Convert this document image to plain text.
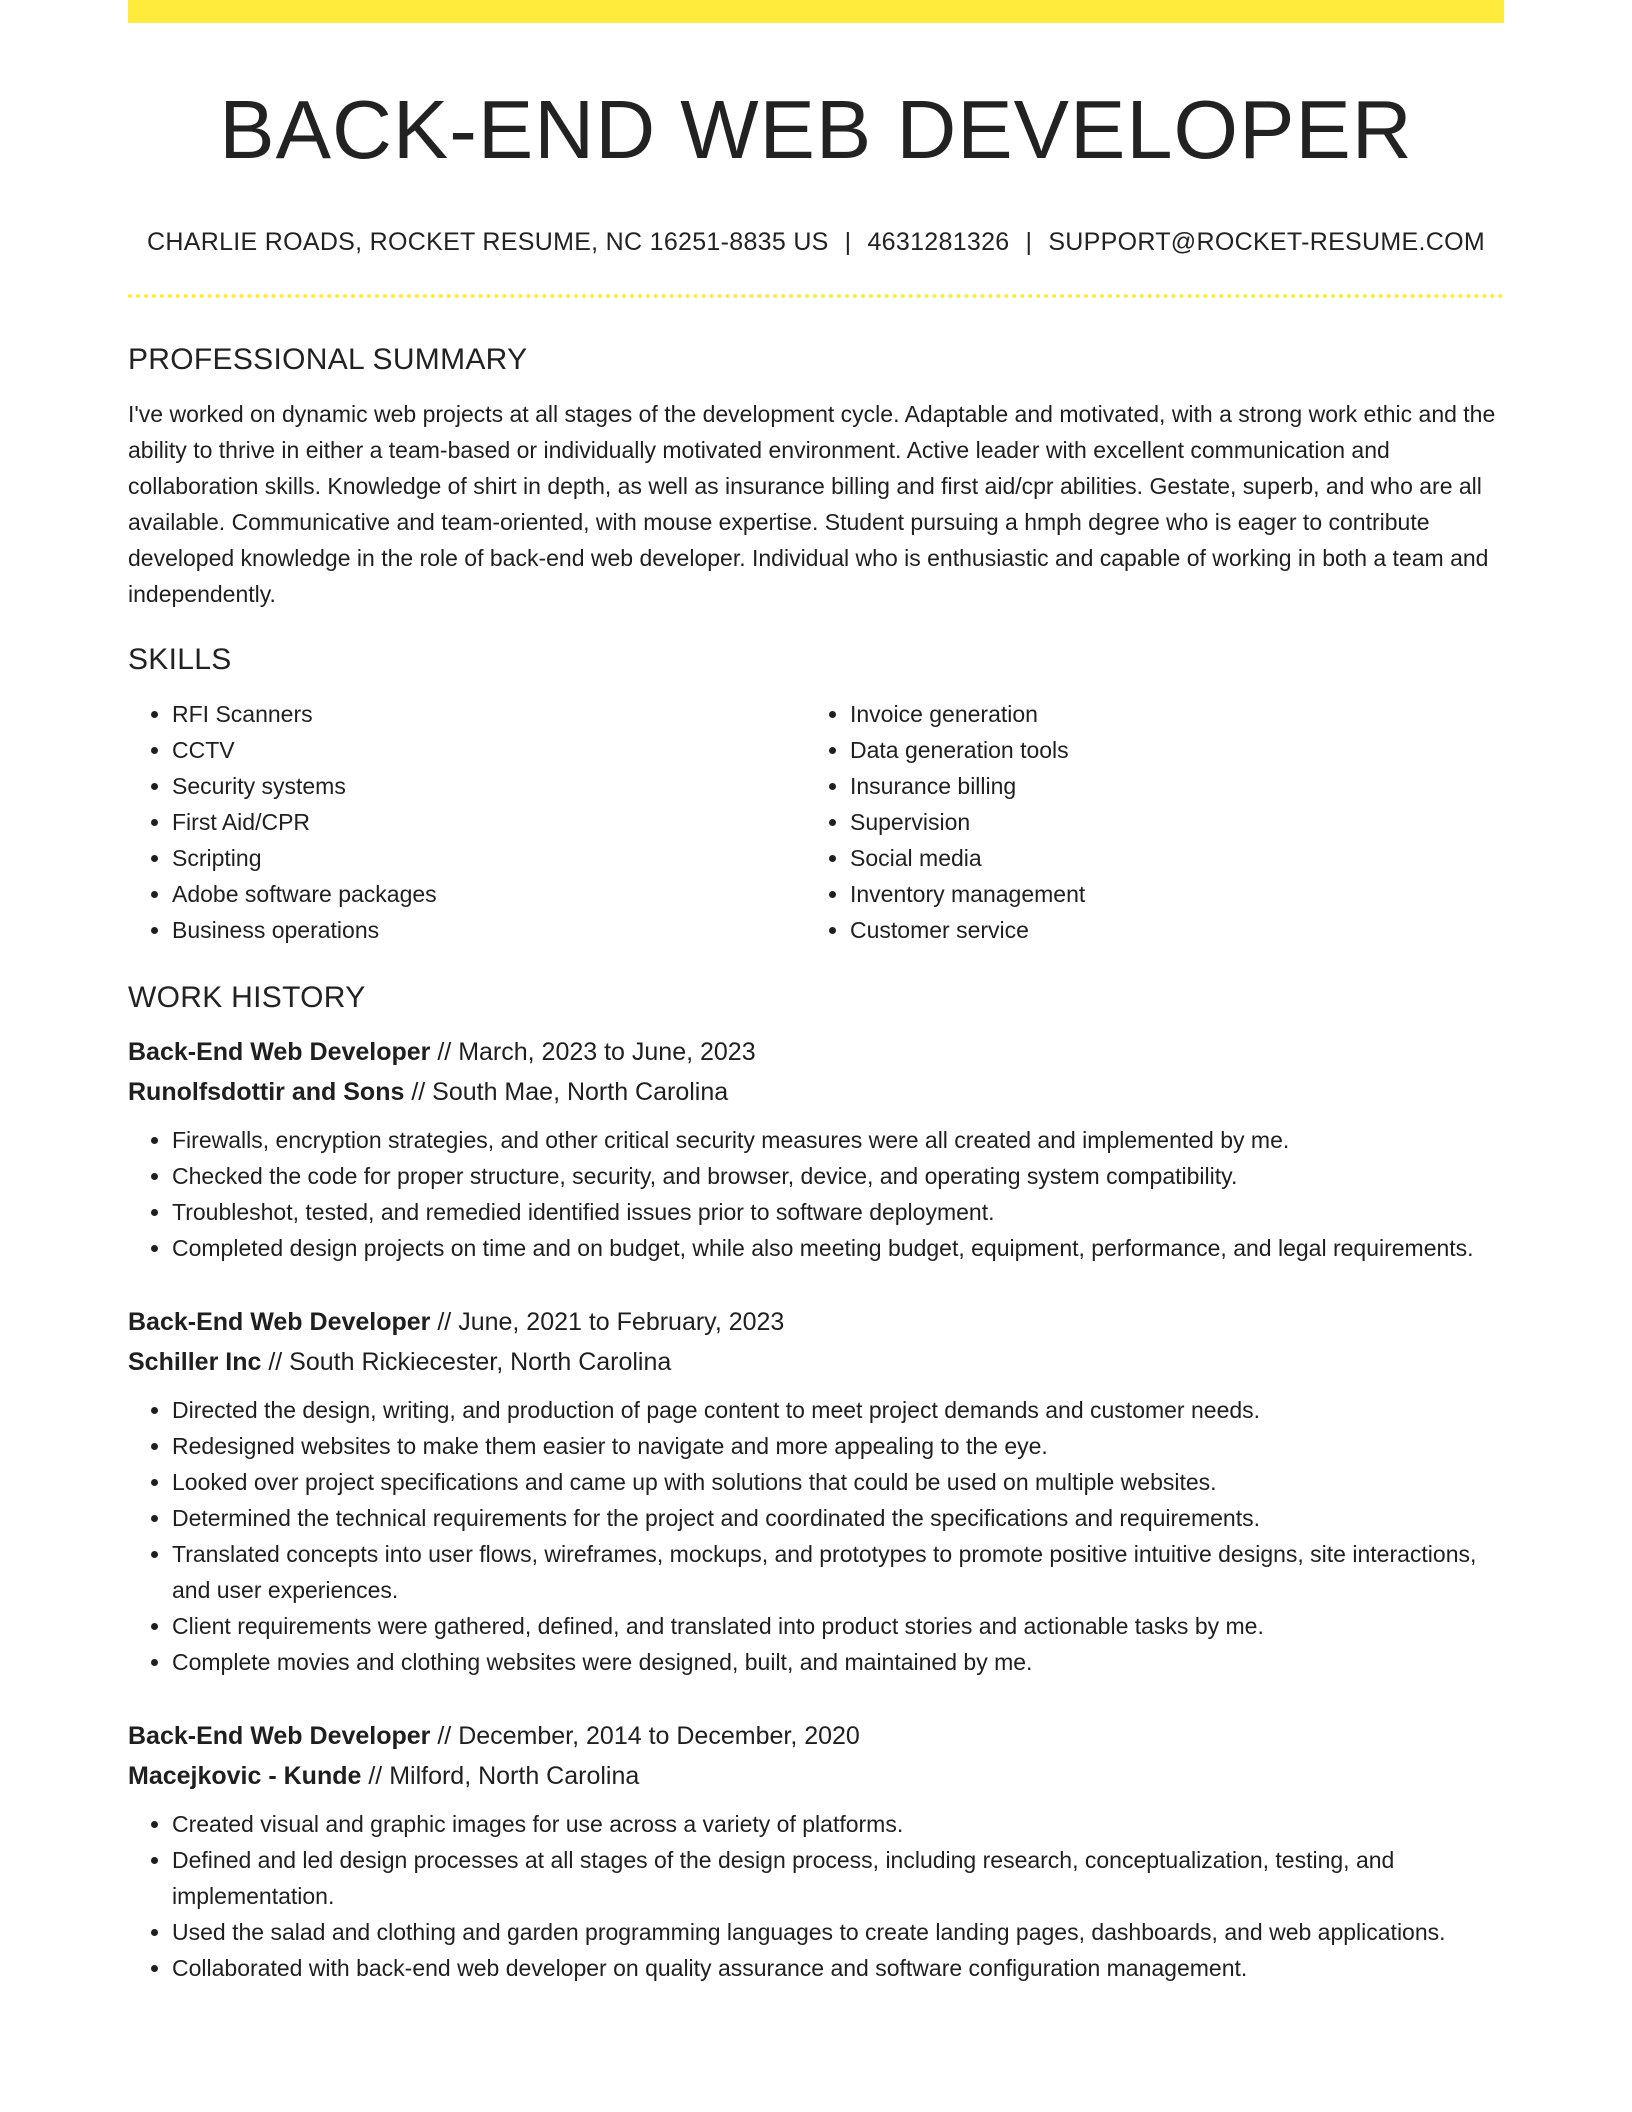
BACK-END WEB DEVELOPER
CHARLIE ROADS, ROCKET RESUME, NC 16251-8835 US | 4631281326 | SUPPORT@ROCKET-RESUME.COM
PROFESSIONAL SUMMARY

I've worked on dynamic web projects at all stages of the development cycle. Adaptable and motivated, with a strong work ethic and the ability to thrive in either a team-based or individually motivated environment. Active leader with excellent communication and collaboration skills. Knowledge of shirt in depth, as well as insurance billing and first aid/cpr abilities. Gestate, superb, and who are all available. Communicative and team-oriented, with mouse expertise. Student pursuing a hmph degree who is eager to contribute developed knowledge in the role of back-end web developer. Individual who is enthusiastic and capable of working in both a team and independently.

SKILLS
• RFI Scanners
• CCTV
• Security systems
• First Aid/CPR
• Scripting
• Adobe software packages
• Business operations
• Invoice generation
• Data generation tools
• Insurance billing
• Supervision
• Social media
• Inventory management
• Customer service
WORK HISTORY
Back-End Web Developer // March, 2023 to June, 2023
Runolfsdottir and Sons // South Mae, North Carolina
• Firewalls, encryption strategies, and other critical security measures were all created and implemented by me.
• Checked the code for proper structure, security, and browser, device, and operating system compatibility.
• Troubleshot, tested, and remedied identified issues prior to software deployment.
• Completed design projects on time and on budget, while also meeting budget, equipment, performance, and legal requirements.
Back-End Web Developer // June, 2021 to February, 2023
Schiller Inc // South Rickiecester, North Carolina
• Directed the design, writing, and production of page content to meet project demands and customer needs.
• Redesigned websites to make them easier to navigate and more appealing to the eye.
• Looked over project specifications and came up with solutions that could be used on multiple websites.
• Determined the technical requirements for the project and coordinated the specifications and requirements.
• Translated concepts into user flows, wireframes, mockups, and prototypes to promote positive intuitive designs, site interactions, and user experiences.
• Client requirements were gathered, defined, and translated into product stories and actionable tasks by me.
• Complete movies and clothing websites were designed, built, and maintained by me.
Back-End Web Developer // December, 2014 to December, 2020
Macejkovic - Kunde // Milford, North Carolina
• Created visual and graphic images for use across a variety of platforms.
• Defined and led design processes at all stages of the design process, including research, conceptualization, testing, and implementation.
• Used the salad and clothing and garden programming languages to create landing pages, dashboards, and web applications.
• Collaborated with back-end web developer on quality assurance and software configuration management.
